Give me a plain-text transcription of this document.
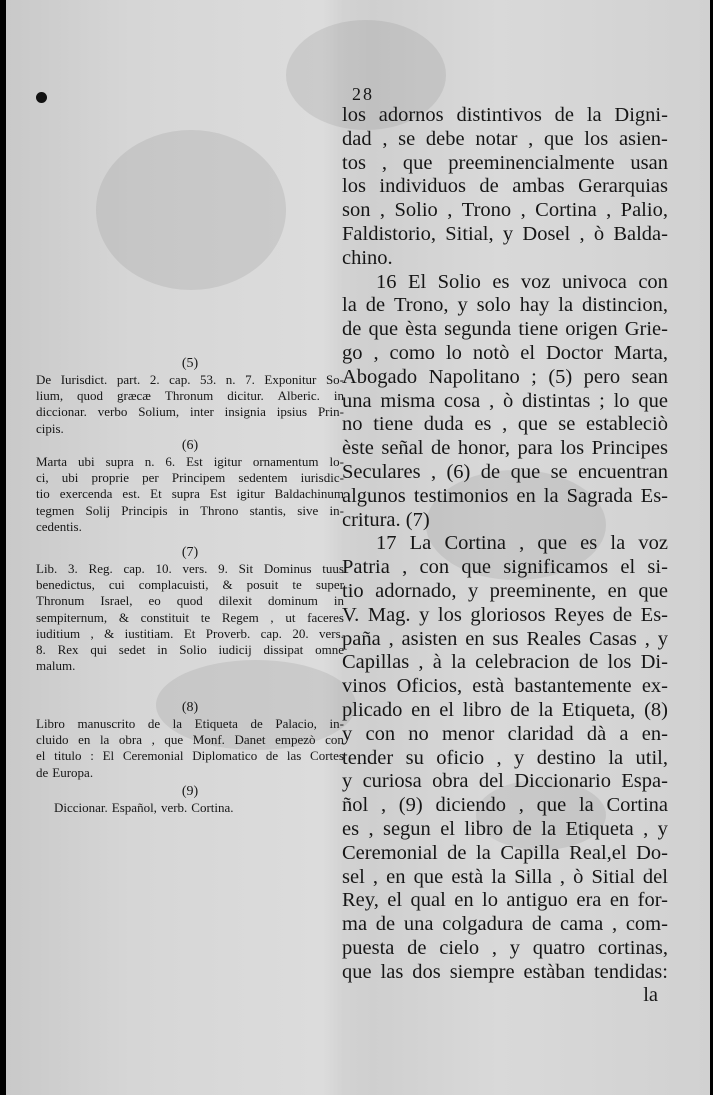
28
los adornos distintivos de la Digni-
dad , se debe notar , que los asien-
tos , que preeminencialmente usan
los individuos de ambas Gerarquias
son , Solio , Trono , Cortina , Palio,
Faldistorio, Sitial, y Dosel , ò Balda-
chino.
16 El Solio es voz univoca con
la de Trono, y solo hay la distincion,
de que èsta segunda tiene origen Grie-
go , como lo notò el Doctor Marta,
Abogado Napolitano ; (5) pero sean
una misma cosa , ò distintas ; lo que
no tiene duda es , que se estableciò
èste señal de honor, para los Principes
Seculares , (6) de que se encuentran
algunos testimonios en la Sagrada Es-
critura. (7)
17 La Cortina , que es la voz
Patria , con que significamos el si-
tio adornado, y preeminente, en que
V. Mag. y los gloriosos Reyes de Es-
paña , asisten en sus Reales Casas , y
Capillas , à la celebracion de los Di-
vinos Oficios, està bastantemente ex-
plicado en el libro de la Etiqueta, (8)
y con no menor claridad dà a en-
tender su oficio , y destino la util,
y curiosa obra del Diccionario Espa-
ñol , (9) diciendo , que la Cortina
es , segun el libro de la Etiqueta , y
Ceremonial de la Capilla Real,el Do-
sel , en que està la Silla , ò Sitial del
Rey, el qual en lo antiguo era en for-
ma de una colgadura de cama , com-
puesta de cielo , y quatro cortinas,
que las dos siempre estàban tendidas:
la
(5)
De Iurisdict. part. 2. cap. 53. n. 7. Exponitur So-
lium, quod græcæ Thronum dicitur. Alberic. in
diccionar. verbo Solium, inter insignia ipsius Prin-
cipis.
(6)
Marta ubi supra n. 6. Est igitur ornamentum lo-
ci, ubi proprie per Principem sedentem iurisdic-
tio exercenda est. Et supra Est igitur Baldachinum
tegmen Solij Principis in Throno stantis, sive in-
cedentis.
(7)
Lib. 3. Reg. cap. 10. vers. 9. Sit Dominus tuus
benedictus, cui complacuisti, & posuit te super
Thronum Israel, eo quod dilexit dominum in
sempiternum, & constituit te Regem , ut faceres
iuditium , & iustitiam. Et Proverb. cap. 20. vers.
8. Rex qui sedet in Solio iudicij dissipat omne
malum.
(8)
Libro manuscrito de la Etiqueta de Palacio, in-
cluido en la obra , que Monf. Danet empezò con
el titulo : El Ceremonial Diplomatico de las Cortes
de Europa.
(9)
Diccionar. Español, verb. Cortina.
